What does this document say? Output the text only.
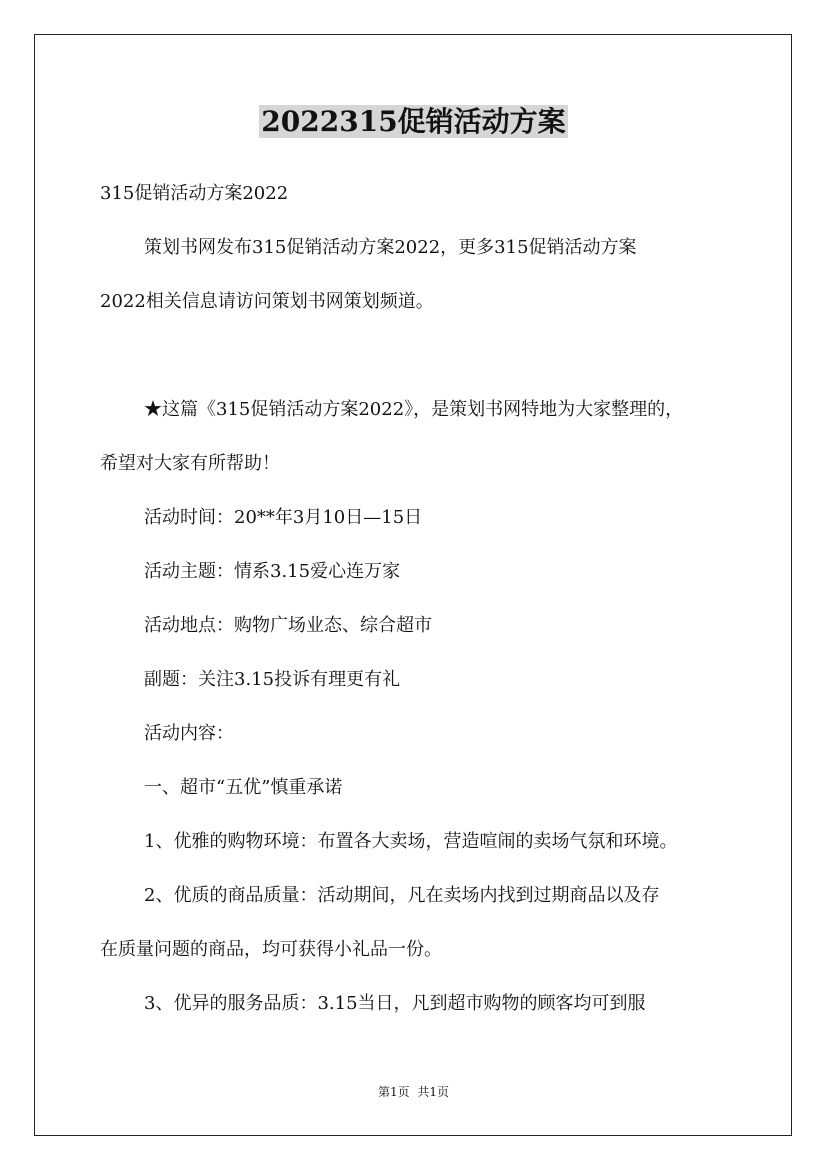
2022315促销活动方案
315促销活动方案2022
策划书网发布315促销活动方案2022，更多315促销活动方案
2022相关信息请访问策划书网策划频道。
★这篇《315促销活动方案2022》，是策划书网特地为大家整理的，
希望对大家有所帮助！
活动时间：20**年3月10日—15日
活动主题：情系3.15爱心连万家
活动地点：购物广场业态、综合超市
副题：关注3.15投诉有理更有礼
活动内容：
一、超市“五优”慎重承诺
1、优雅的购物环境：布置各大卖场，营造喧闹的卖场气氛和环境。
2、优质的商品质量：活动期间，凡在卖场内找到过期商品以及存
在质量问题的商品，均可获得小礼品一份。
3、优异的服务品质：3.15当日，凡到超市购物的顾客均可到服
第1页 共1页
